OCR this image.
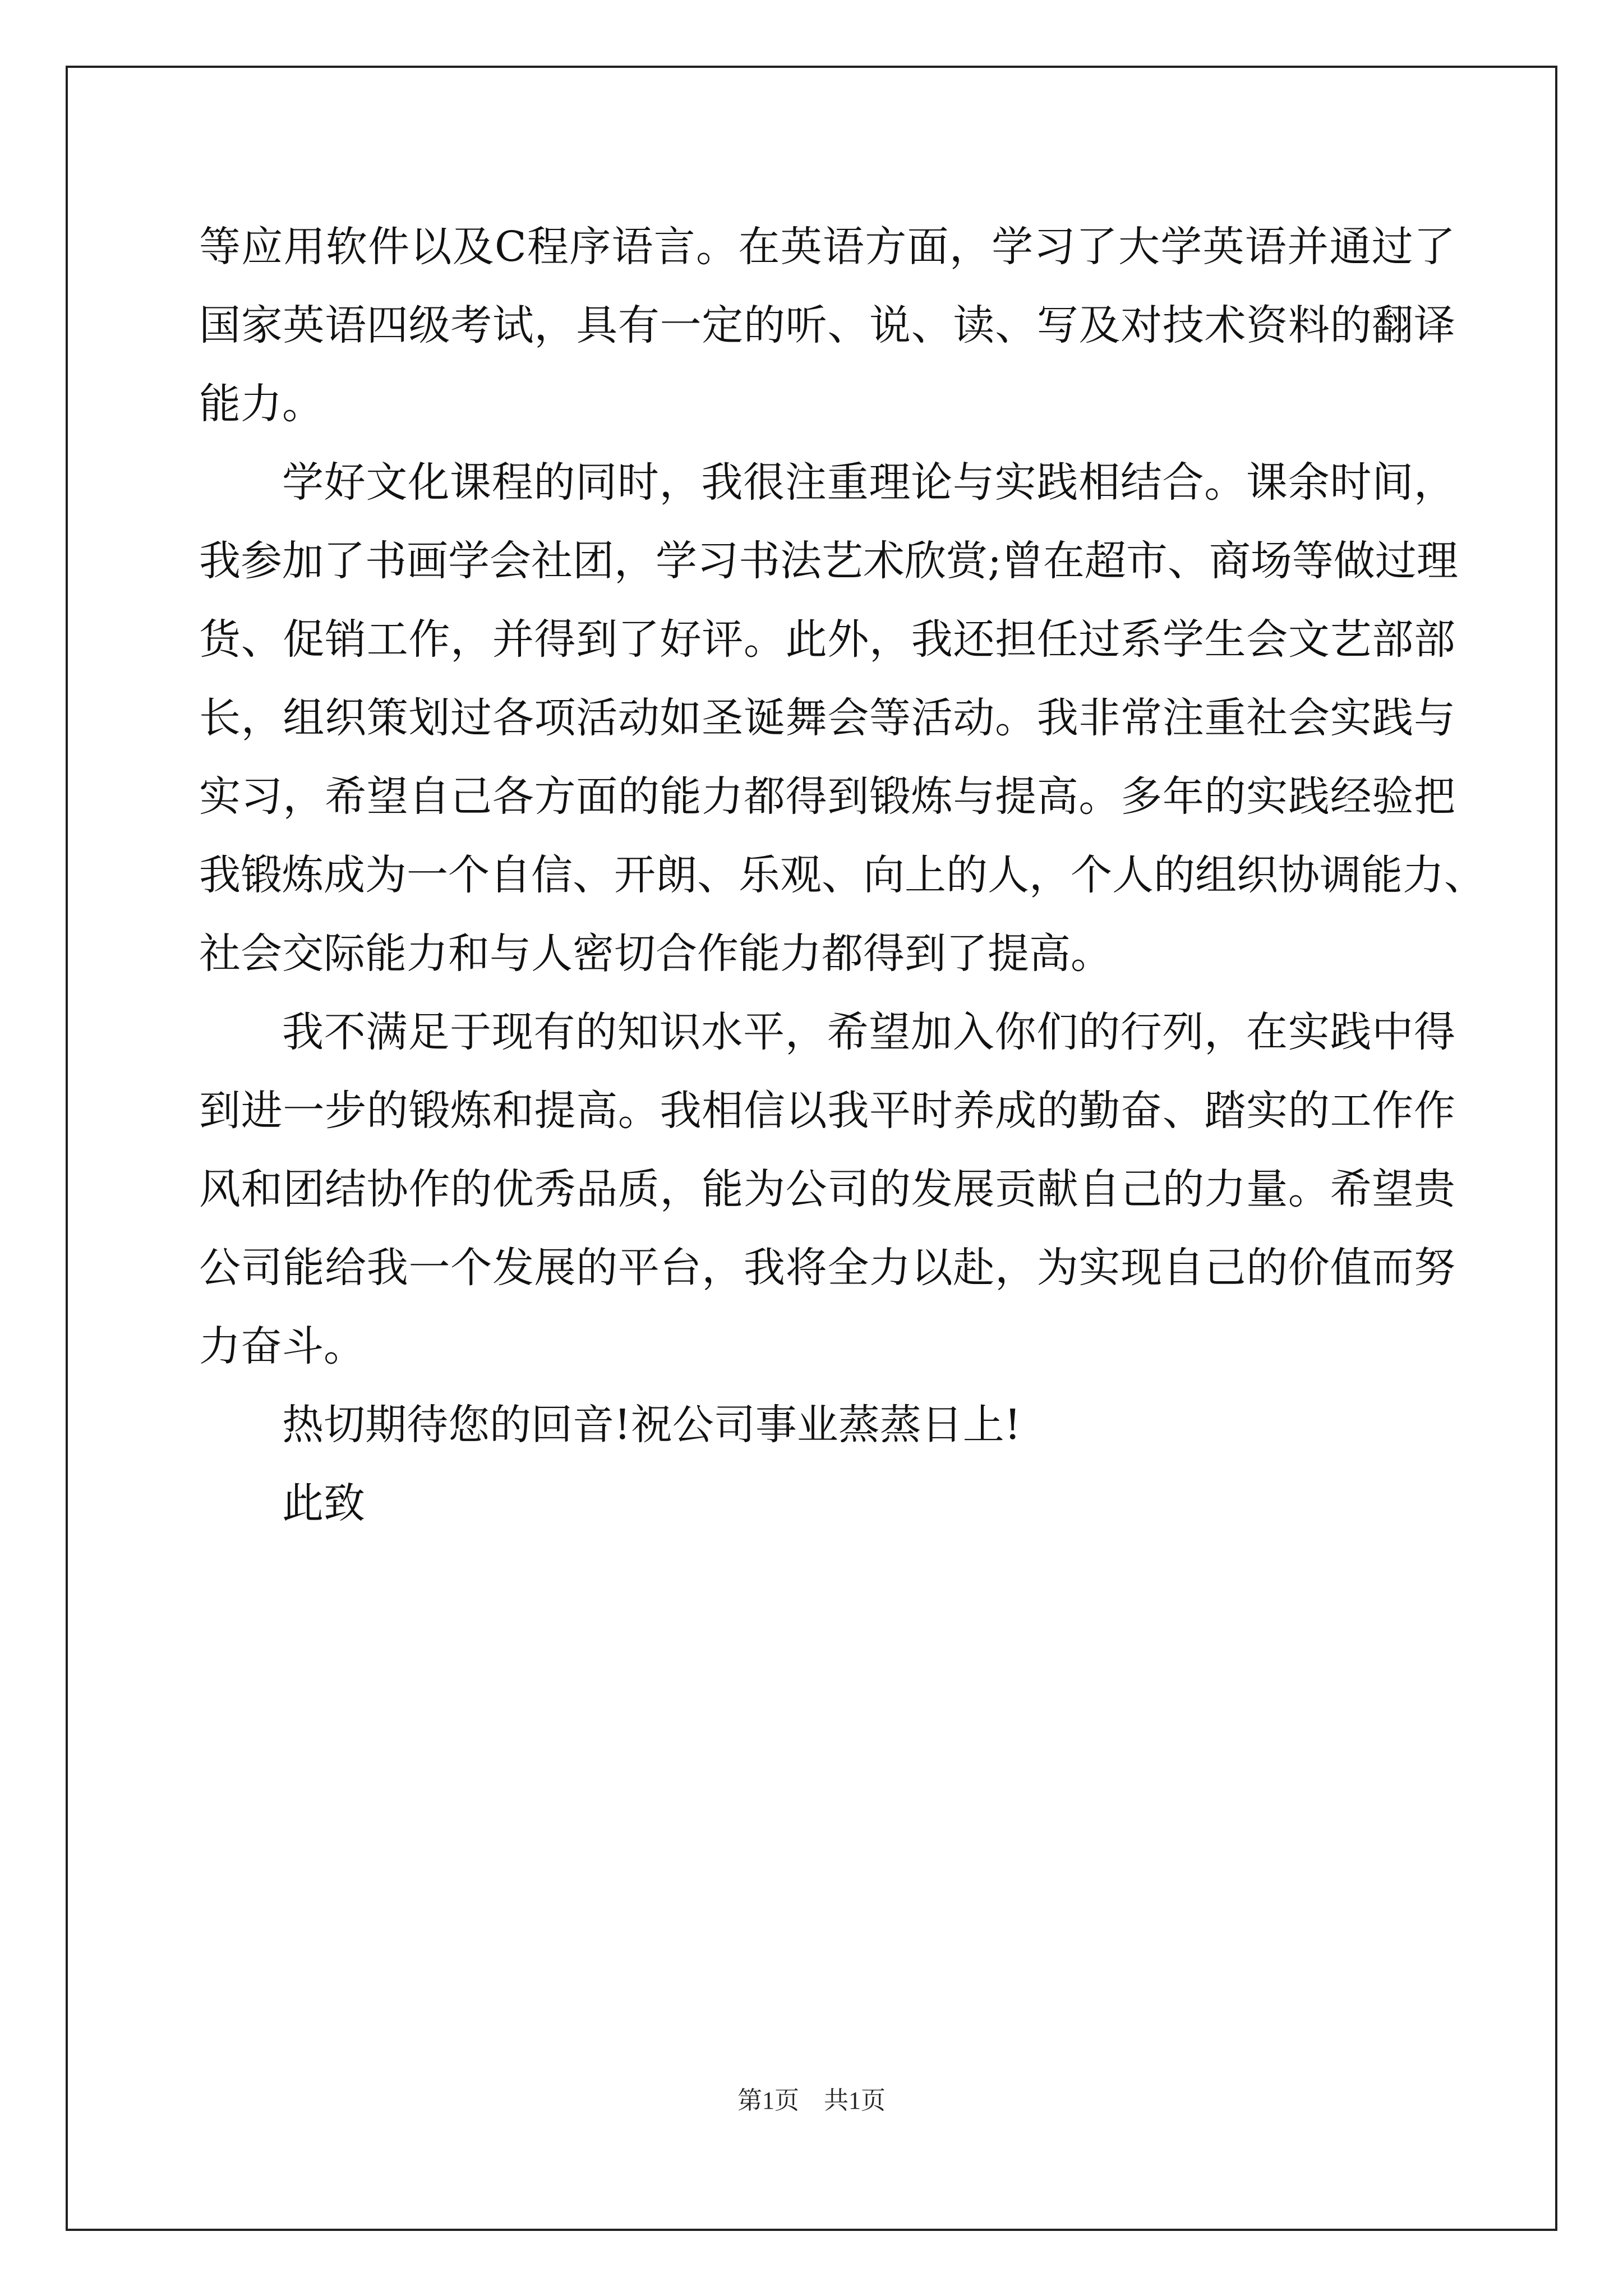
等应用软件以及C程序语言。在英语方面，学习了大学英语并通过了
国家英语四级考试，具有一定的听、说、读、写及对技术资料的翻译
能力。
学好文化课程的同时，我很注重理论与实践相结合。课余时间，
我参加了书画学会社团，学习书法艺术欣赏;曾在超市、商场等做过理
货、促销工作，并得到了好评。此外，我还担任过系学生会文艺部部
长，组织策划过各项活动如圣诞舞会等活动。我非常注重社会实践与
实习，希望自己各方面的能力都得到锻炼与提高。多年的实践经验把
我锻炼成为一个自信、开朗、乐观、向上的人，个人的组织协调能力、
社会交际能力和与人密切合作能力都得到了提高。
我不满足于现有的知识水平，希望加入你们的行列，在实践中得
到进一步的锻炼和提高。我相信以我平时养成的勤奋、踏实的工作作
风和团结协作的优秀品质，能为公司的发展贡献自己的力量。希望贵
公司能给我一个发展的平台，我将全力以赴，为实现自己的价值而努
力奋斗。
热切期待您的回音!祝公司事业蒸蒸日上!
此致
第1页　共1页
